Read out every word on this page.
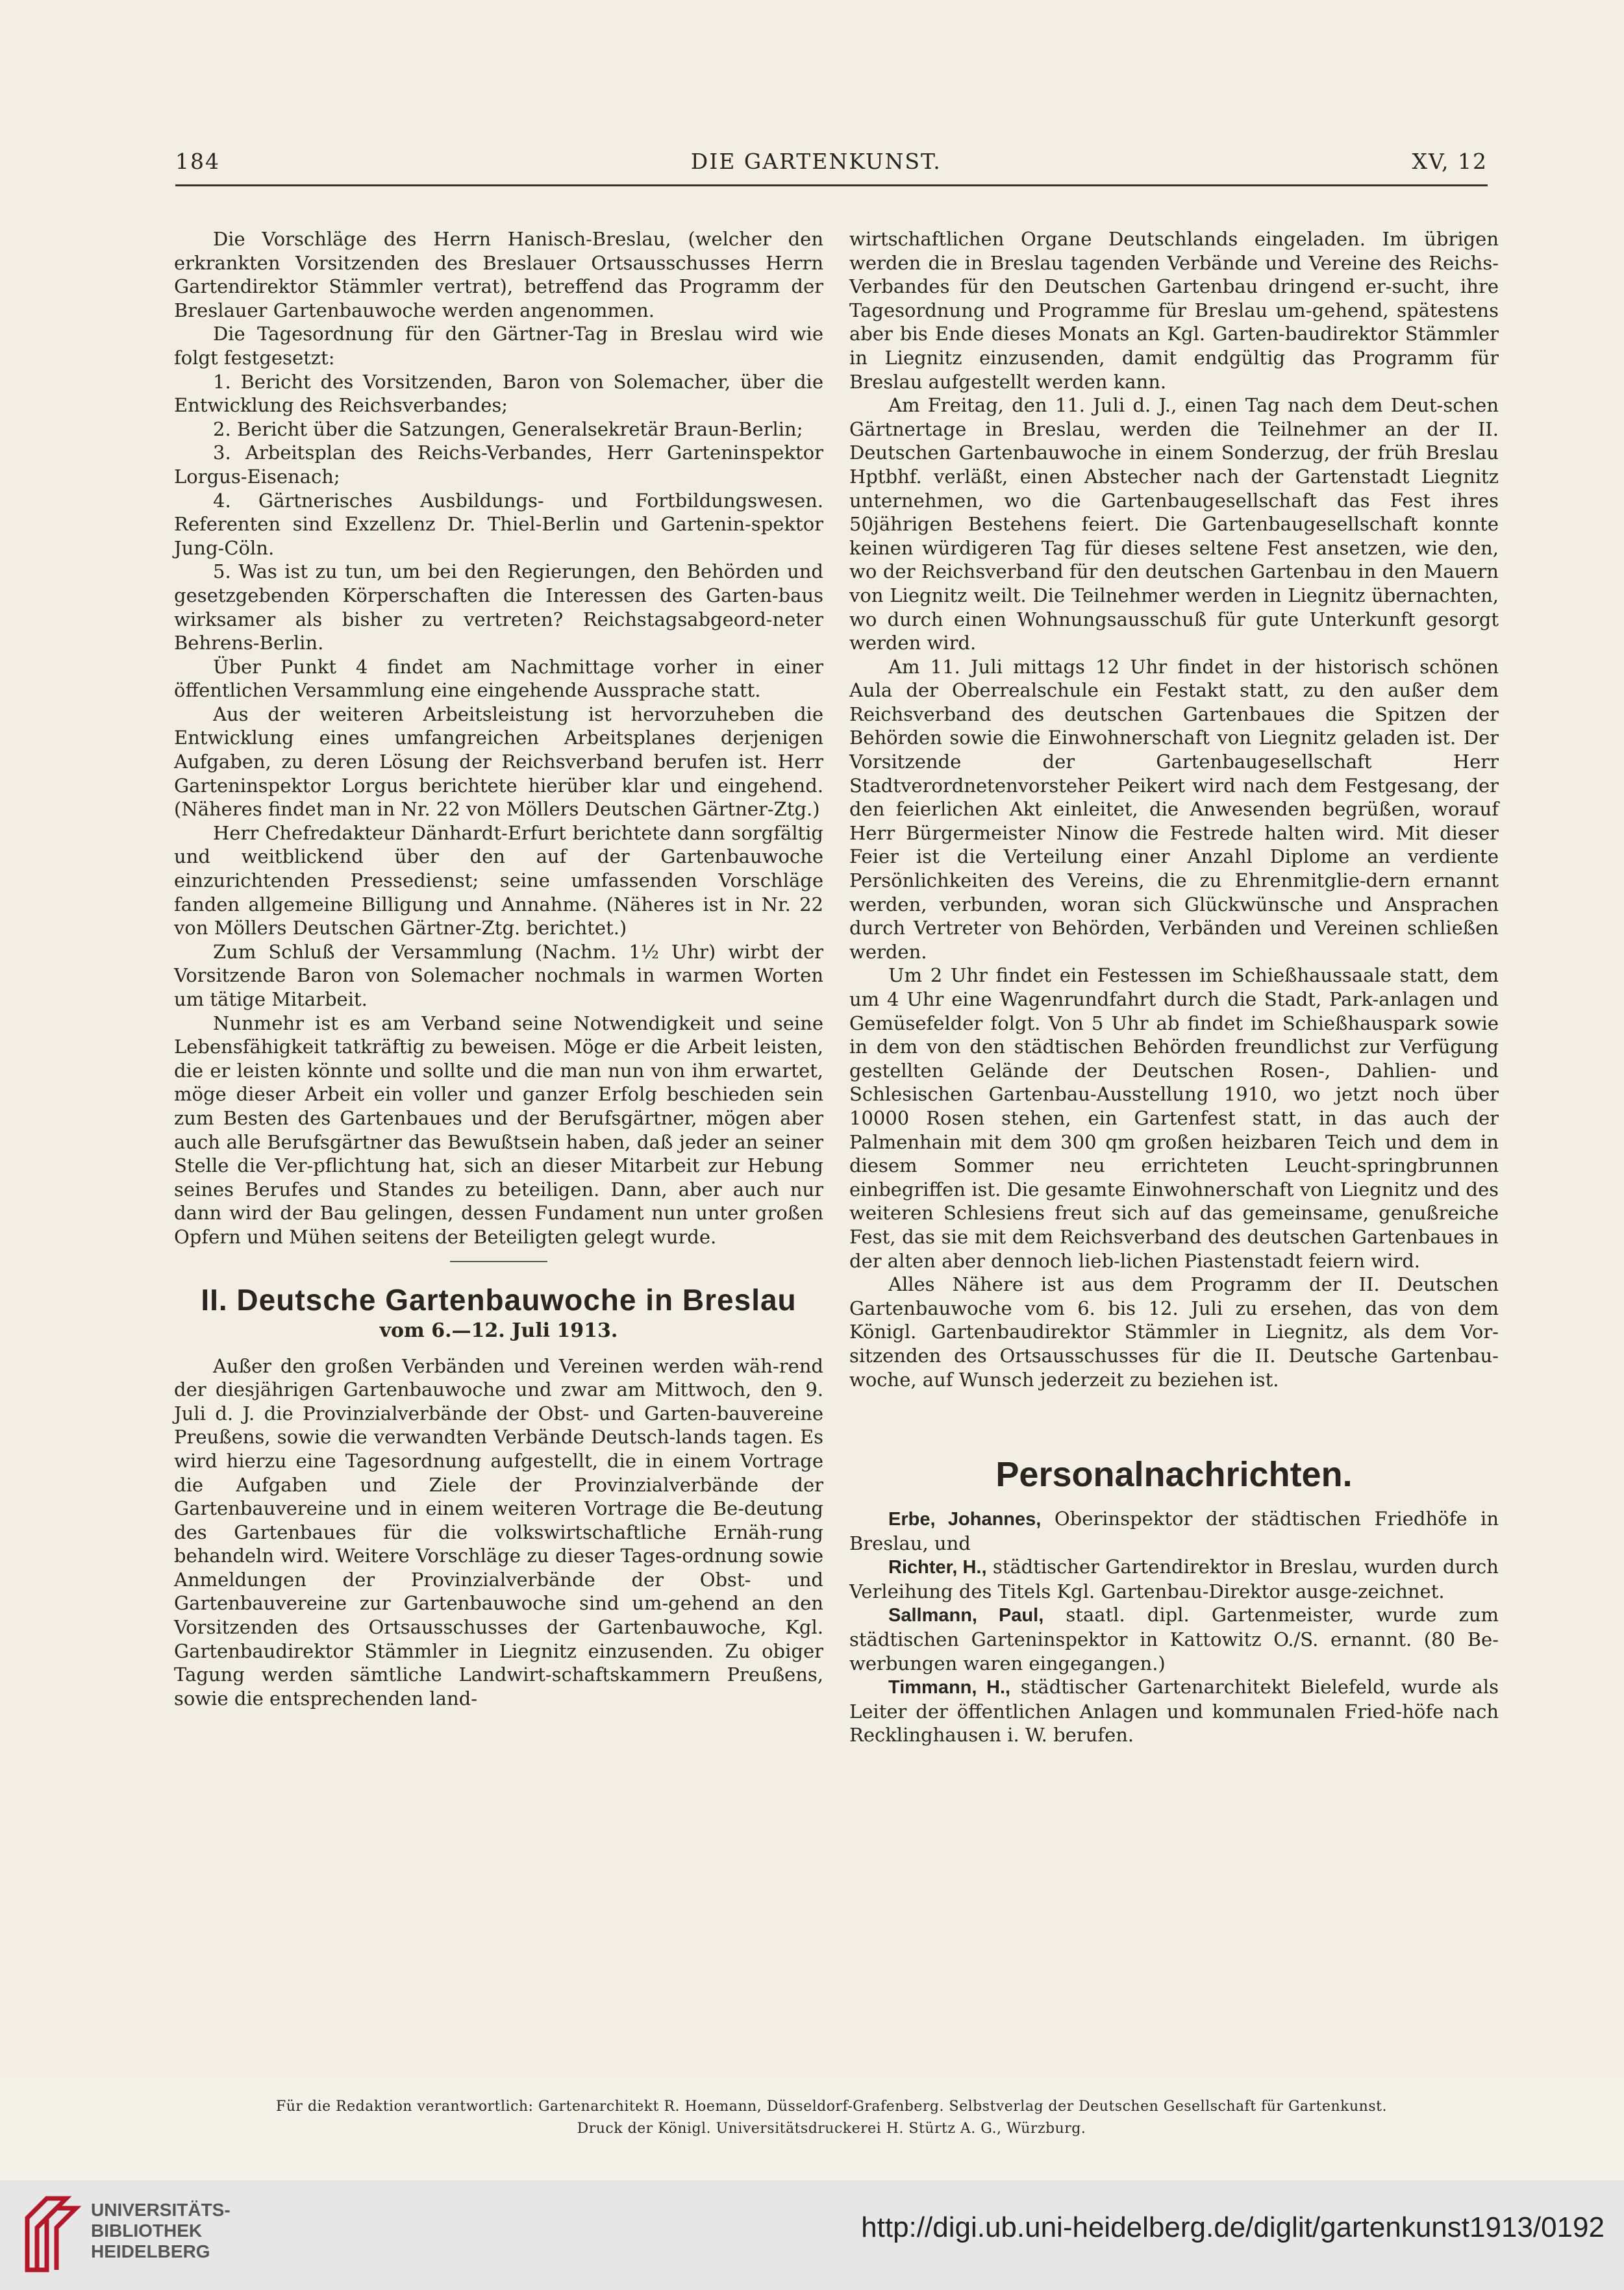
184	DIE GARTENKUNST.	XV, 12

Die Vorschläge des Herrn Hanisch-Breslau, (welcher den erkrankten Vorsitzenden des Breslauer Ortsausschusses Herrn Gartendirektor Stämmler vertrat), betreffend das Programm der Breslauer Gartenbauwoche werden angenommen.

Die Tagesordnung für den Gärtner-Tag in Breslau wird wie folgt festgesetzt:

1. Bericht des Vorsitzenden, Baron von Solemacher, über die Entwicklung des Reichsverbandes;

2. Bericht über die Satzungen, Generalsekretär Braun-Berlin;

3. Arbeitsplan des Reichs-Verbandes, Herr Garteninspektor Lorgus-Eisenach;

4. Gärtnerisches Ausbildungs- und Fortbildungswesen. Referenten sind Exzellenz Dr. Thiel-Berlin und Gartenin-spektor Jung-Cöln.

5. Was ist zu tun, um bei den Regierungen, den Behörden und gesetzgebenden Körperschaften die Interessen des Garten-baus wirksamer als bisher zu vertreten? Reichstagsabgeord-neter Behrens-Berlin.

Über Punkt 4 findet am Nachmittage vorher in einer öffentlichen Versammlung eine eingehende Aussprache statt.

Aus der weiteren Arbeitsleistung ist hervorzuheben die Entwicklung eines umfangreichen Arbeitsplanes derjenigen Aufgaben, zu deren Lösung der Reichsverband berufen ist. Herr Garteninspektor Lorgus berichtete hierüber klar und eingehend. (Näheres findet man in Nr. 22 von Möllers Deutschen Gärtner-Ztg.)

Herr Chefredakteur Dänhardt-Erfurt berichtete dann sorgfältig und weitblickend über den auf der Gartenbauwoche einzurichtenden Pressedienst; seine umfassenden Vorschläge fanden allgemeine Billigung und Annahme. (Näheres ist in Nr. 22 von Möllers Deutschen Gärtner-Ztg. berichtet.)

Zum Schluß der Versammlung (Nachm. 1½ Uhr) wirbt der Vorsitzende Baron von Solemacher nochmals in warmen Worten um tätige Mitarbeit.

Nunmehr ist es am Verband seine Notwendigkeit und seine Lebensfähigkeit tatkräftig zu beweisen. Möge er die Arbeit leisten, die er leisten könnte und sollte und die man nun von ihm erwartet, möge dieser Arbeit ein voller und ganzer Erfolg beschieden sein zum Besten des Gartenbaues und der Berufsgärtner, mögen aber auch alle Berufsgärtner das Bewußtsein haben, daß jeder an seiner Stelle die Ver-pflichtung hat, sich an dieser Mitarbeit zur Hebung seines Berufes und Standes zu beteiligen. Dann, aber auch nur dann wird der Bau gelingen, dessen Fundament nun unter großen Opfern und Mühen seitens der Beteiligten gelegt wurde.

II. Deutsche Gartenbauwoche in Breslau
vom 6.—12. Juli 1913.

Außer den großen Verbänden und Vereinen werden wäh-rend der diesjährigen Gartenbauwoche und zwar am Mittwoch, den 9. Juli d. J. die Provinzialverbände der Obst- und Garten-bauvereine Preußens, sowie die verwandten Verbände Deutsch-lands tagen. Es wird hierzu eine Tagesordnung aufgestellt, die in einem Vortrage die Aufgaben und Ziele der Provinzialverbände der Gartenbauvereine und in einem weiteren Vortrage die Be-deutung des Gartenbaues für die volkswirtschaftliche Ernäh-rung behandeln wird. Weitere Vorschläge zu dieser Tages-ordnung sowie Anmeldungen der Provinzialverbände der Obst- und Gartenbauvereine zur Gartenbauwoche sind um-gehend an den Vorsitzenden des Ortsausschusses der Gartenbauwoche, Kgl. Gartenbaudirektor Stämmler in Liegnitz einzusenden. Zu obiger Tagung werden sämtliche Landwirt-schaftskammern Preußens, sowie die entsprechenden land-

wirtschaftlichen Organe Deutschlands eingeladen. Im übrigen werden die in Breslau tagenden Verbände und Vereine des Reichs-Verbandes für den Deutschen Gartenbau dringend er-sucht, ihre Tagesordnung und Programme für Breslau um-gehend, spätestens aber bis Ende dieses Monats an Kgl. Garten-baudirektor Stämmler in Liegnitz einzusenden, damit endgültig das Programm für Breslau aufgestellt werden kann.

Am Freitag, den 11. Juli d. J., einen Tag nach dem Deut-schen Gärtnertage in Breslau, werden die Teilnehmer an der II. Deutschen Gartenbauwoche in einem Sonderzug, der früh Breslau Hptbhf. verläßt, einen Abstecher nach der Gartenstadt Liegnitz unternehmen, wo die Gartenbaugesellschaft das Fest ihres 50jährigen Bestehens feiert. Die Gartenbaugesellschaft konnte keinen würdigeren Tag für dieses seltene Fest ansetzen, wie den, wo der Reichsverband für den deutschen Gartenbau in den Mauern von Liegnitz weilt. Die Teilnehmer werden in Liegnitz übernachten, wo durch einen Wohnungsausschuß für gute Unterkunft gesorgt werden wird.

Am 11. Juli mittags 12 Uhr findet in der historisch schönen Aula der Oberrealschule ein Festakt statt, zu den außer dem Reichsverband des deutschen Gartenbaues die Spitzen der Behörden sowie die Einwohnerschaft von Liegnitz geladen ist. Der Vorsitzende der Gartenbaugesellschaft Herr Stadtverordnetenvorsteher Peikert wird nach dem Festgesang, der den feierlichen Akt einleitet, die Anwesenden begrüßen, worauf Herr Bürgermeister Ninow die Festrede halten wird. Mit dieser Feier ist die Verteilung einer Anzahl Diplome an verdiente Persönlichkeiten des Vereins, die zu Ehrenmitglie-dern ernannt werden, verbunden, woran sich Glückwünsche und Ansprachen durch Vertreter von Behörden, Verbänden und Vereinen schließen werden.

Um 2 Uhr findet ein Festessen im Schießhaussaale statt, dem um 4 Uhr eine Wagenrundfahrt durch die Stadt, Park-anlagen und Gemüsefelder folgt. Von 5 Uhr ab findet im Schießhauspark sowie in dem von den städtischen Behörden freundlichst zur Verfügung gestellten Gelände der Deutschen Rosen-, Dahlien- und Schlesischen Gartenbau-Ausstellung 1910, wo jetzt noch über 10000 Rosen stehen, ein Gartenfest statt, in das auch der Palmenhain mit dem 300 qm großen heizbaren Teich und dem in diesem Sommer neu errichteten Leucht-springbrunnen einbegriffen ist. Die gesamte Einwohnerschaft von Liegnitz und des weiteren Schlesiens freut sich auf das gemeinsame, genußreiche Fest, das sie mit dem Reichsverband des deutschen Gartenbaues in der alten aber dennoch lieb-lichen Piastenstadt feiern wird.

Alles Nähere ist aus dem Programm der II. Deutschen Gartenbauwoche vom 6. bis 12. Juli zu ersehen, das von dem Königl. Gartenbaudirektor Stämmler in Liegnitz, als dem Vor-sitzenden des Ortsausschusses für die II. Deutsche Gartenbau-woche, auf Wunsch jederzeit zu beziehen ist.

Personalnachrichten.

Erbe, Johannes, Oberinspektor der städtischen Friedhöfe in Breslau, und

Richter, H., städtischer Gartendirektor in Breslau, wurden durch Verleihung des Titels Kgl. Gartenbau-Direktor ausge-zeichnet.

Sallmann, Paul, staatl. dipl. Gartenmeister, wurde zum städtischen Garteninspektor in Kattowitz O./S. ernannt. (80 Be-werbungen waren eingegangen.)

Timmann, H., städtischer Gartenarchitekt Bielefeld, wurde als Leiter der öffentlichen Anlagen und kommunalen Fried-höfe nach Recklinghausen i. W. berufen.

Für die Redaktion verantwortlich: Gartenarchitekt R. Hoemann, Düsseldorf-Grafenberg. Selbstverlag der Deutschen Gesellschaft für Gartenkunst.
Druck der Königl. Universitätsdruckerei H. Stürtz A. G., Würzburg.
UNIVERSITÄTS-
BIBLIOTHEK
HEIDELBERG
http://digi.ub.uni-heidelberg.de/diglit/gartenkunst1913/0192
